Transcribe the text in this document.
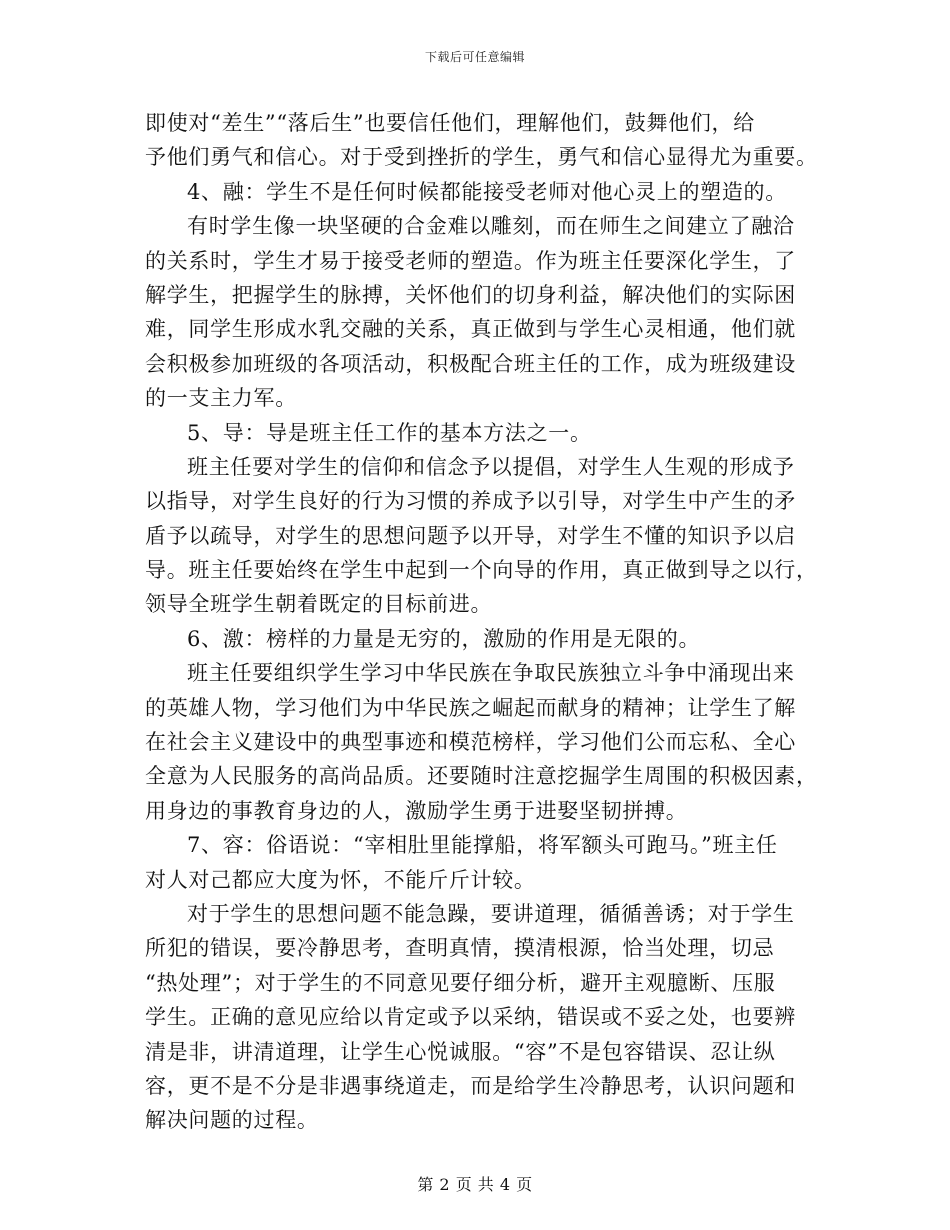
下载后可任意编辑
即使对“差生”“落后生”也要信任他们，理解他们，鼓舞他们，给
予他们勇气和信心。对于受到挫折的学生，勇气和信心显得尤为重要。
4、融：学生不是任何时候都能接受老师对他心灵上的塑造的。
有时学生像一块坚硬的合金难以雕刻，而在师生之间建立了融洽
的关系时，学生才易于接受老师的塑造。作为班主任要深化学生，了
解学生，把握学生的脉搏，关怀他们的切身利益，解决他们的实际困
难，同学生形成水乳交融的关系，真正做到与学生心灵相通，他们就
会积极参加班级的各项活动，积极配合班主任的工作，成为班级建设
的一支主力军。
5、导：导是班主任工作的基本方法之一。
班主任要对学生的信仰和信念予以提倡，对学生人生观的形成予
以指导，对学生良好的行为习惯的养成予以引导，对学生中产生的矛
盾予以疏导，对学生的思想问题予以开导，对学生不懂的知识予以启
导。班主任要始终在学生中起到一个向导的作用，真正做到导之以行，
领导全班学生朝着既定的目标前进。
6、激：榜样的力量是无穷的，激励的作用是无限的。
班主任要组织学生学习中华民族在争取民族独立斗争中涌现出来
的英雄人物，学习他们为中华民族之崛起而献身的精神；让学生了解
在社会主义建设中的典型事迹和模范榜样，学习他们公而忘私、全心
全意为人民服务的高尚品质。还要随时注意挖掘学生周围的积极因素，
用身边的事教育身边的人，激励学生勇于进娶坚韧拼搏。
7、容：俗语说：“宰相肚里能撑船，将军额头可跑马。”班主任
对人对己都应大度为怀，不能斤斤计较。
对于学生的思想问题不能急躁，要讲道理，循循善诱；对于学生
所犯的错误，要冷静思考，查明真情，摸清根源，恰当处理，切忌
“热处理”；对于学生的不同意见要仔细分析，避开主观臆断、压服
学生。正确的意见应给以肯定或予以采纳，错误或不妥之处，也要辨
清是非，讲清道理，让学生心悦诚服。“容”不是包容错误、忍让纵
容，更不是不分是非遇事绕道走，而是给学生冷静思考，认识问题和
解决问题的过程。
第 2 页 共 4 页
